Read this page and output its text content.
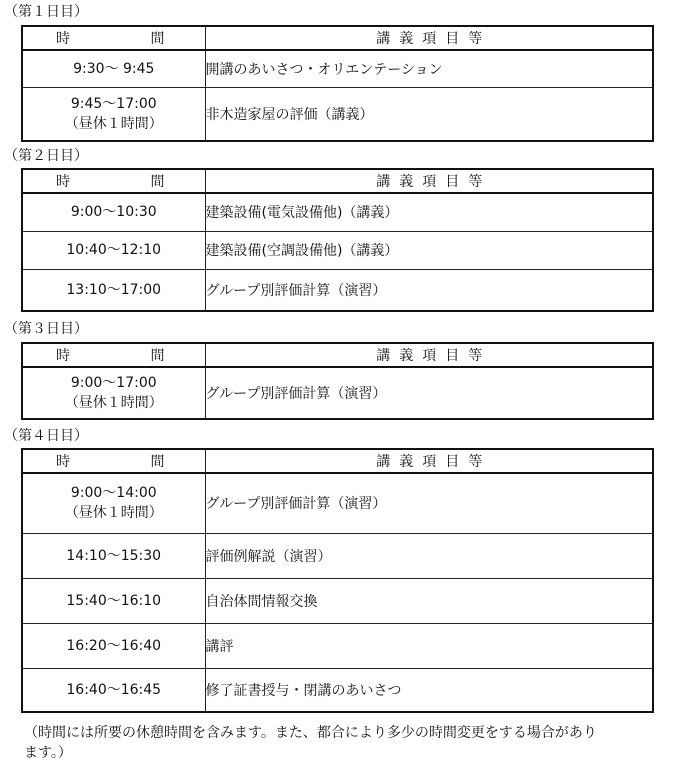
（第１日目）
時 間	講義項目等

9:30～ 9:45	開講のあいさつ・オリエンテーション

9:45～17:00
（昼休１時間）	非木造家屋の評価（講義）
（第２日目）
時 間	講義項目等

9:00～10:30	建築設備(電気設備他)（講義）
10:40～12:10	建築設備(空調設備他)（講義）
13:10～17:00	グループ別評価計算（演習）
（第３日目）
時 間	講義項目等

9:00～17:00
（昼休１時間）	グループ別評価計算（演習）
（第４日目）
時 間	講義項目等

9:00～14:00
（昼休１時間）	グループ別評価計算（演習）
14:10～15:30	評価例解説（演習）
15:40～16:10	自治体間情報交換
16:20～16:40	講評
16:40～16:45	修了証書授与・閉講のあいさつ
（時間には所要の休憩時間を含みます。また、都合により多少の時間変更をする場合があり
ます。）
